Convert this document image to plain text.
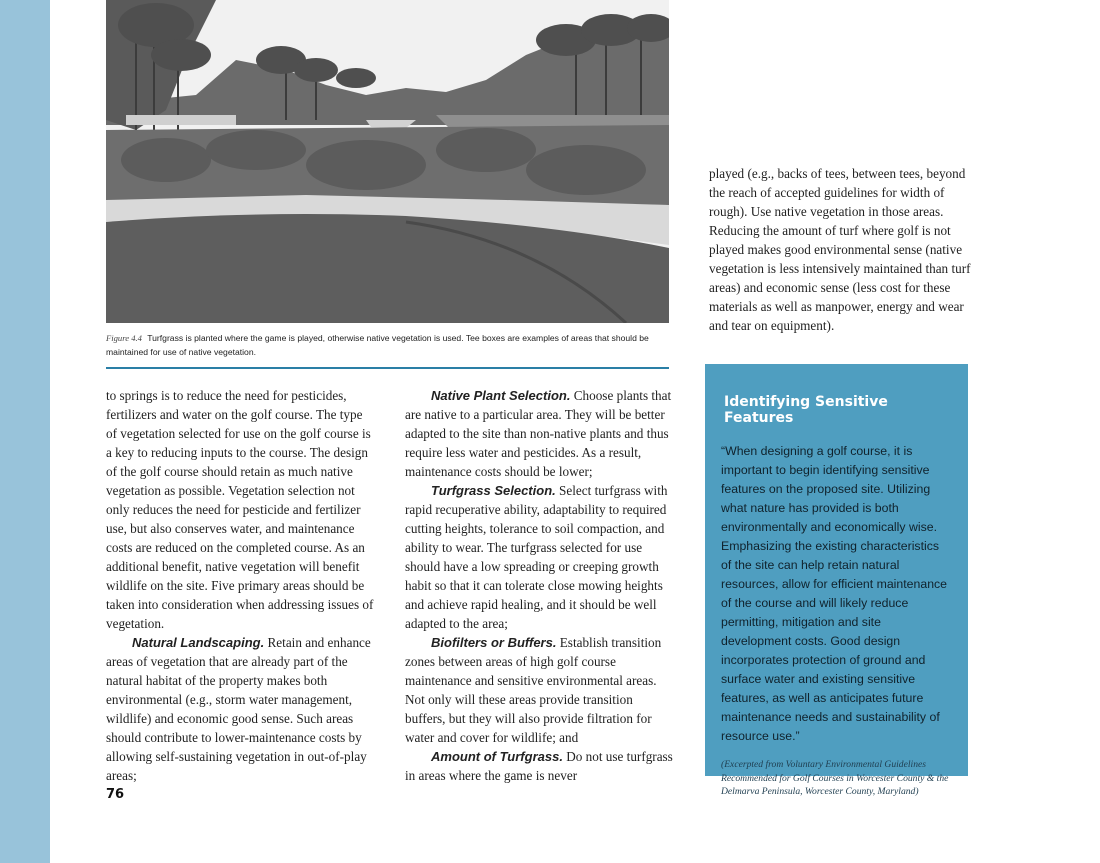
Figure 4.4 Turfgrass is planted where the game is played, otherwise native vegetation is used. Tee boxes are examples of areas that should be maintained for use of native vegetation.

to springs is to reduce the need for pesticides, fertilizers and water on the golf course. The type of vegetation selected for use on the golf course is a key to reducing inputs to the course. The design of the golf course should retain as much native vegetation as possible. Vegetation selection not only reduces the need for pesticide and fertilizer use, but also conserves water, and maintenance costs are reduced on the completed course. As an additional benefit, native vegetation will benefit wildlife on the site. Five primary areas should be taken into consideration when addressing issues of vegetation.

Natural Landscaping. Retain and enhance areas of vegetation that are already part of the natural habitat of the property makes both environmental (e.g., storm water management, wildlife) and economic good sense. Such areas should contribute to lower-maintenance costs by allowing self-sustaining vegetation in out-of-play areas;

76

Native Plant Selection. Choose plants that are native to a particular area. They will be better adapted to the site than non-native plants and thus require less water and pesticides. As a result, maintenance costs should be lower;

Turfgrass Selection. Select turfgrass with rapid recuperative ability, adaptability to required cutting heights, tolerance to soil compaction, and ability to wear. The turfgrass selected for use should have a low spreading or creeping growth habit so that it can tolerate close mowing heights and achieve rapid healing, and it should be well adapted to the area;

Biofilters or Buffers. Establish transition zones between areas of high golf course maintenance and sensitive environmental areas. Not only will these areas provide transition buffers, but they will also provide filtration for water and cover for wildlife; and

Amount of Turfgrass. Do not use turfgrass in areas where the game is never

played (e.g., backs of tees, between tees, beyond the reach of accepted guidelines for width of rough). Use native vegetation in those areas. Reducing the amount of turf where golf is not played makes good environmental sense (native vegetation is less intensively maintained than turf areas) and economic sense (less cost for these materials as well as manpower, energy and wear and tear on equipment).

Identifying Sensitive Features

“When designing a golf course, it is important to begin identifying sensitive features on the proposed site. Utilizing what nature has provided is both environmentally and economically wise. Emphasizing the existing characteristics of the site can help retain natural resources, allow for efficient maintenance of the course and will likely reduce permitting, mitigation and site development costs. Good design incorporates protection of ground and surface water and existing sensitive features, as well as anticipates future maintenance needs and sustainability of resource use.”

(Excerpted from Voluntary Environmental Guidelines Recommended for Golf Courses in Worcester County & the Delmarva Peninsula, Worcester County, Maryland)
